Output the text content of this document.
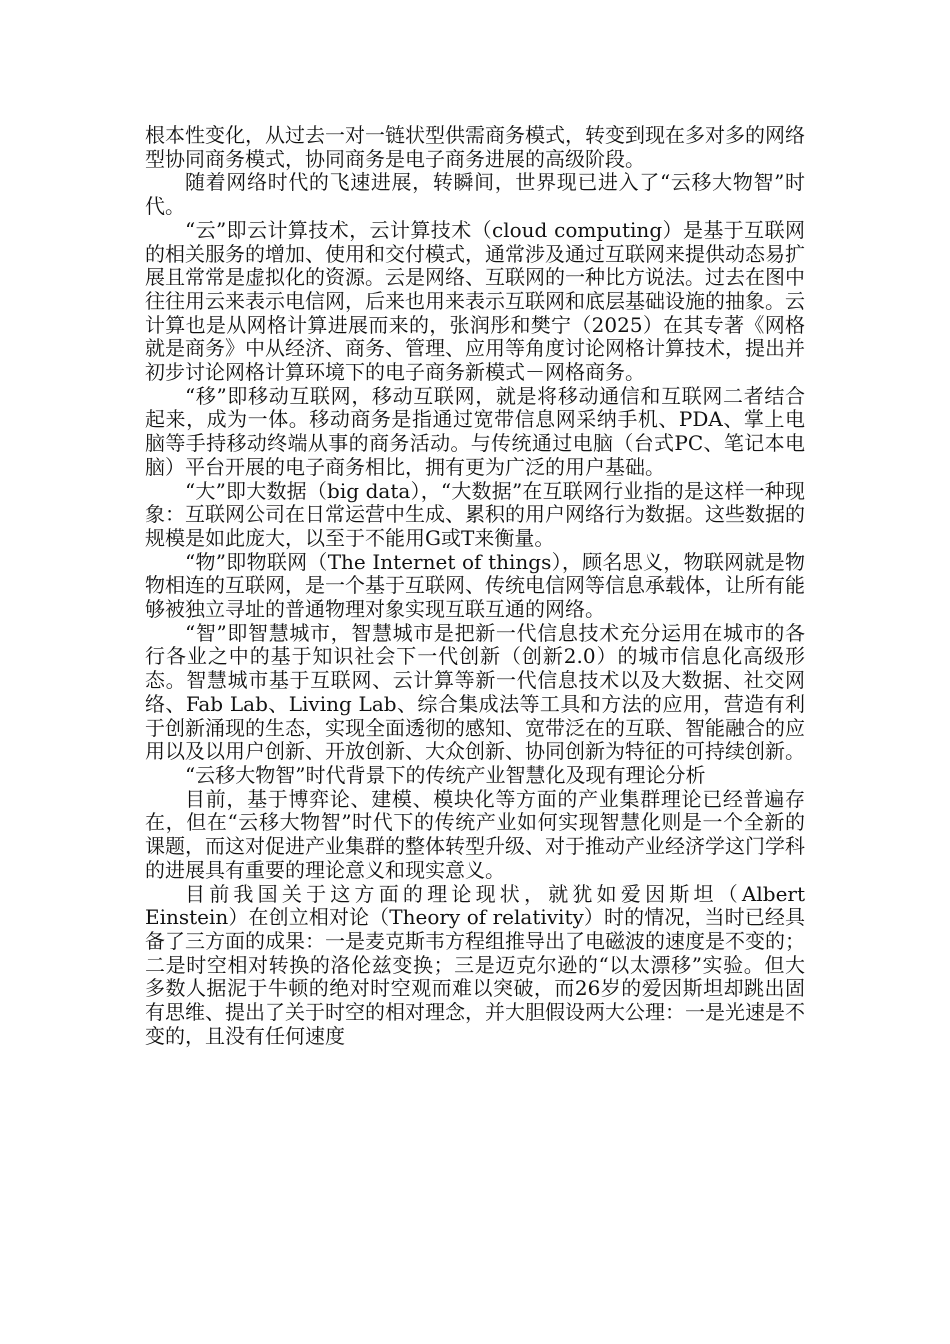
根本性变化，从过去一对一链状型供需商务模式，转变到现在多对多的网络型协同商务模式，协同商务是电子商务进展的高级阶段。

随着网络时代的飞速进展，转瞬间，世界现已进入了“云移大物智”时代。

“云”即云计算技术，云计算技术（cloud computing）是基于互联网的相关服务的增加、使用和交付模式，通常涉及通过互联网来提供动态易扩展且常常是虚拟化的资源。云是网络、互联网的一种比方说法。过去在图中往往用云来表示电信网，后来也用来表示互联网和底层基础设施的抽象。云计算也是从网格计算进展而来的，张润彤和樊宁（2025）在其专著《网格就是商务》中从经济、商务、管理、应用等角度讨论网格计算技术，提出并初步讨论网格计算环境下的电子商务新模式－网格商务。

“移”即移动互联网，移动互联网，就是将移动通信和互联网二者结合起来，成为一体。移动商务是指通过宽带信息网采纳手机、PDA、掌上电脑等手持移动终端从事的商务活动。与传统通过电脑（台式PC、笔记本电脑）平台开展的电子商务相比，拥有更为广泛的用户基础。

“大”即大数据（big data），“大数据”在互联网行业指的是这样一种现象：互联网公司在日常运营中生成、累积的用户网络行为数据。这些数据的规模是如此庞大，以至于不能用G或T来衡量。

“物”即物联网（The Internet of things），顾名思义，物联网就是物物相连的互联网，是一个基于互联网、传统电信网等信息承载体，让所有能够被独立寻址的普通物理对象实现互联互通的网络。

“智”即智慧城市，智慧城市是把新一代信息技术充分运用在城市的各行各业之中的基于知识社会下一代创新（创新2.0）的城市信息化高级形态。智慧城市基于互联网、云计算等新一代信息技术以及大数据、社交网络、Fab Lab、Living Lab、综合集成法等工具和方法的应用，营造有利于创新涌现的生态，实现全面透彻的感知、宽带泛在的互联、智能融合的应用以及以用户创新、开放创新、大众创新、协同创新为特征的可持续创新。

“云移大物智”时代背景下的传统产业智慧化及现有理论分析

目前，基于博弈论、建模、模块化等方面的产业集群理论已经普遍存在，但在“云移大物智”时代下的传统产业如何实现智慧化则是一个全新的课题，而这对促进产业集群的整体转型升级、对于推动产业经济学这门学科的进展具有重要的理论意义和现实意义。

目前我国关于这方面的理论现状，就犹如爱因斯坦（Albert Einstein）在创立相对论（Theory of relativity）时的情况，当时已经具备了三方面的成果：一是麦克斯韦方程组推导出了电磁波的速度是不变的；二是时空相对转换的洛伦兹变换；三是迈克尔逊的“以太漂移”实验。但大多数人据泥于牛顿的绝对时空观而难以突破，而26岁的爱因斯坦却跳出固有思维、提出了关于时空的相对理念，并大胆假设两大公理：一是光速是不变的，且没有任何速度
